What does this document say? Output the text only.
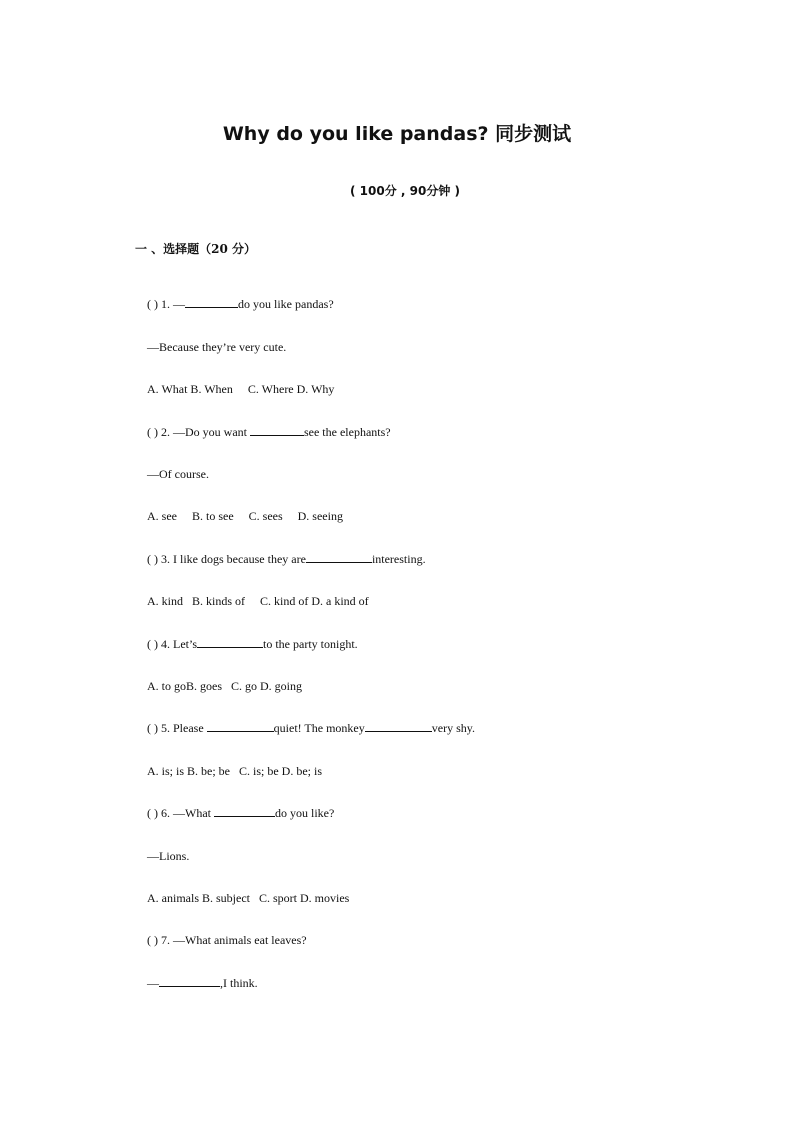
Why do you like pandas? 同步测试
( 100分 , 90分钟 )
一 、选择题（20 分）
( ) 1. —	do you like pandas?
—Because they’re very cute.
A. What B. When     C. Where D. Why
( ) 2. —Do you want	see the elephants?
—Of course.
A. see     B. to see     C. sees     D. seeing
( ) 3. I like dogs because they are	interesting.
A. kind   B. kinds of     C. kind of D. a kind of
( ) 4. Let’s	to the party tonight.
A. to goB. goes   C. go D. going
( ) 5. Please	quiet! The monkey	very shy.
A. is; is B. be; be   C. is; be D. be; is
( ) 6. —What	do you like?
—Lions.
A. animals B. subject   C. sport D. movies
( ) 7. —What animals eat leaves?
—	,I think.
